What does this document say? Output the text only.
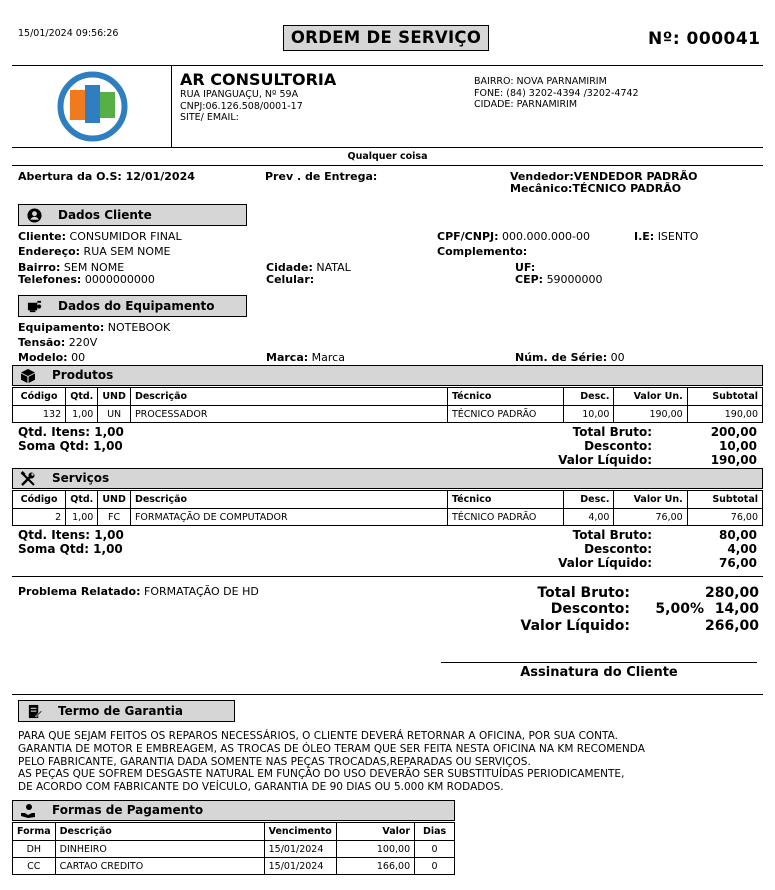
15/01/2024 09:56:26	ORDEM DE SERVIÇO	Nº: 000041
AR CONSULTORIA
RUA IPANGUAÇU, Nº 59A
CNPJ:06.126.508/0001-17
SITE/ EMAIL:
BAIRRO: NOVA PARNAMIRIM
FONE: (84) 3202-4394 /3202-4742
CIDADE: PARNAMIRIM
Qualquer coisa
Abertura da O.S: 12/01/2024	Prev . de Entrega:	Vendedor:VENDEDOR PADRÃO
Mecânico:TÉCNICO PADRÃO
Dados Cliente
Cliente: CONSUMIDOR FINAL
Endereço: RUA SEM NOME
Bairro: SEM NOME
Telefones: 0000000000
CPF/CNPJ: 000.000.000-00	I.E: ISENTO
Complemento:
Cidade: NATAL
Celular:
UF:
CEP: 59000000
Dados do Equipamento
Equipamento: NOTEBOOK
Tensão: 220V
Modelo: 00	Marca: Marca	Núm. de Série: 00
Produtos
Código	Qtd.	UND	Descrição	Técnico	Desc.	Valor Un.	Subtotal
132	1,00	UN	PROCESSADOR	TÉCNICO PADRÃO	10,00	190,00	190,00
Qtd. Itens: 1,00
Soma Qtd: 1,00
Total Bruto:	200,00
Desconto:	10,00
Valor Líquido:	190,00
Serviços
Código	Qtd.	UND	Descrição	Técnico	Desc.	Valor Un.	Subtotal
2	1,00	FC	FORMATAÇÃO DE COMPUTADOR	TÉCNICO PADRÃO	4,00	76,00	76,00
Qtd. Itens: 1,00
Soma Qtd: 1,00
Total Bruto:	80,00
Desconto:	4,00
Valor Líquido:	76,00
Problema Relatado: FORMATAÇÃO DE HD	Total Bruto:	280,00
Desconto: 5,00% 14,00
Valor Líquido:	266,00
Assinatura do Cliente
Termo de Garantia
PARA QUE SEJAM FEITOS OS REPAROS NECESSÁRIOS, O CLIENTE DEVERÁ RETORNAR A OFICINA, POR SUA CONTA.
GARANTIA DE MOTOR E EMBREAGEM, AS TROCAS DE ÓLEO TERAM QUE SER FEITA NESTA OFICINA NA KM RECOMENDA
PELO FABRICANTE, GARANTIA DADA SOMENTE NAS PEÇAS TROCADAS,REPARADAS OU SERVIÇOS.
AS PEÇAS QUE SOFREM DESGASTE NATURAL EM FUNÇÃO DO USO DEVERÃO SER SUBSTITUÍDAS PERIODICAMENTE,
DE ACORDO COM FABRICANTE DO VEÍCULO, GARANTIA DE 90 DIAS OU 5.000 KM RODADOS.
Formas de Pagamento
Forma	Descrição	Vencimento	Valor	Dias
DH	DINHEIRO	15/01/2024	100,00	0
CC	CARTAO CREDITO	15/01/2024	166,00	0
